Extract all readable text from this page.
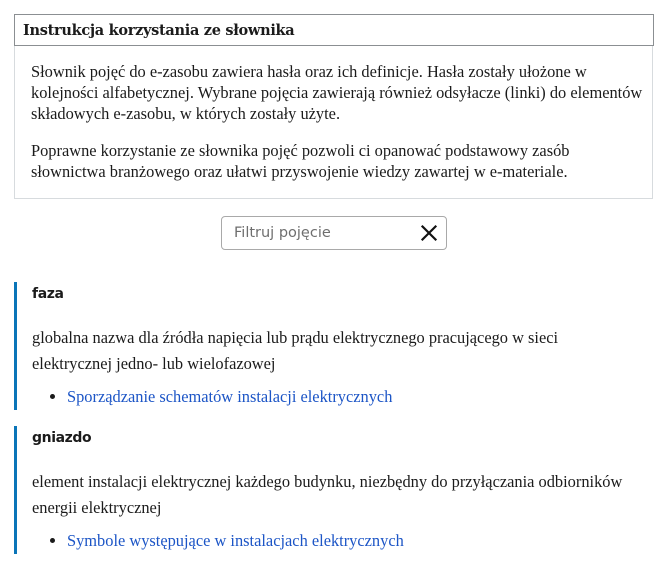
Instrukcja korzystania ze słownika

Słownik pojęć do e-zasobu zawiera hasła oraz ich definicje. Hasła zostały ułożone w kolejności alfabetycznej. Wybrane pojęcia zawierają również odsyłacze (linki) do elementów składowych e-zasobu, w których zostały użyte.

Poprawne korzystanie ze słownika pojęć pozwoli ci opanować podstawowy zasób słownictwa branżowego oraz ułatwi przyswojenie wiedzy zawartej w e-materiale.

Filtruj pojęcie
faza

globalna nazwa dla źródła napięcia lub prądu elektrycznego pracującego w sieci elektrycznej jedno- lub wielofazowej

• Sporządzanie schematów instalacji elektrycznych
gniazdo

element instalacji elektrycznej każdego budynku, niezbędny do przyłączania odbiorników energii elektrycznej

• Symbole występujące w instalacjach elektrycznych
